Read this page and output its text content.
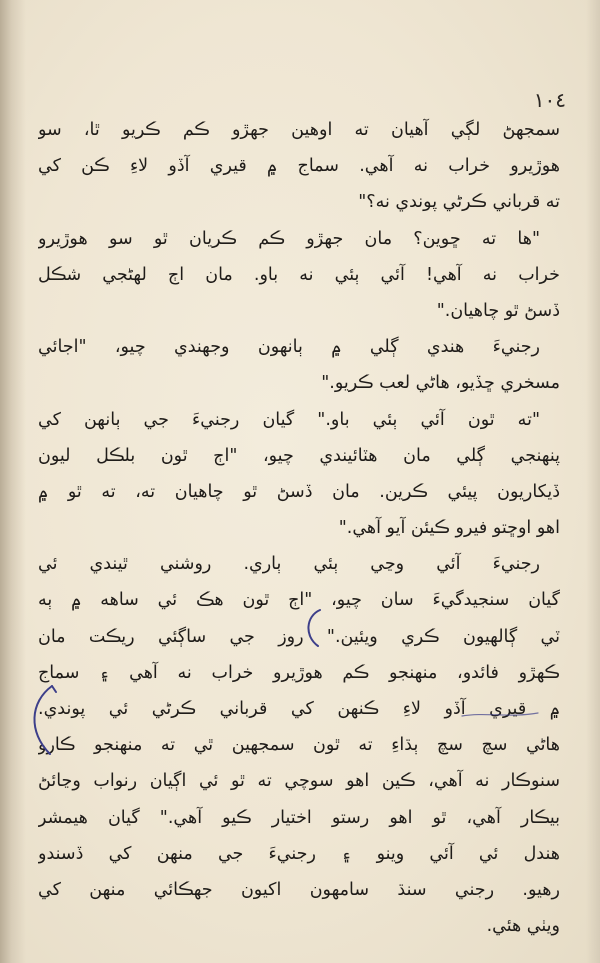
١٠٤
سمجهڻ لڳي آهيان ته اوهين جهڙو ڪم ڪريو ٿا، سو
هوڙيرو خراب نه آهي. سماج ۾ قيري آڏو لاءِ ڪن کي
ته قرباني ڪرڻي پوندي نه؟"
"ها ته ڇوين؟ مان جهڙو ڪم ڪريان ٿو سو هوڙيرو
خراب نه آهي! آئي ٻئي نه باو. مان اڄ لهڻجي شڪل
ڏسڻ ٿو چاهيان."
رجنيءَ هندي ڳلي ۾ ٻانهون وجهندي چيو، "اجائي
مسخري ڇڏيو، هاڻي لعب ڪريو."
"ته ٿون آئي ٻئي باو." گيان رجنيءَ جي ٻانهن کي
پنهنجي ڳلي مان هٽائيندي چيو، "اڄ ٿون بلڪل ليون
ڏيکاريون پيئي ڪرين. مان ڏسڻ ٿو چاهيان ته، ته ٿو ۾
اهو اوڇتو فيرو ڪيئن آيو آهي."
رجنيءَ آئي وڃي ٻئي ٻاري. روشني ٿيندي ئي
گيان سنجيدگيءَ سان چيو، "اڄ ٿون هڪ ئي ساهه ۾ ٻه
ٽي ڳالهيون ڪري ويئين." روز جي ساڳئي ريڪت مان
ڪهڙو فائدو، منهنجو ڪم هوڙيرو خراب نه آهي ۽ سماج
۾ قيري آڏو لاءِ ڪنهن کي قرباني ڪرڻي ئي پوندي.
هاڻي سچ سچ ٻڌاءِ ته ٿون سمجهين ٿي ته منهنجو ڪارو
سنوڪار نه آهي، ڪين اهو سوچي ته ٿو ئي اڳيان رنواب وڃائڻ
بيڪار آهي، ٿو اهو رستو اختيار ڪيو آهي." گيان هيمشر
هندل ئي آئي وينو ۽ رجنيءَ جي منهن کي ڏسندو
رهيو. رجني سنڌ سامهون اکيون جهڪائي منهن کي
ويٺي هئي.
